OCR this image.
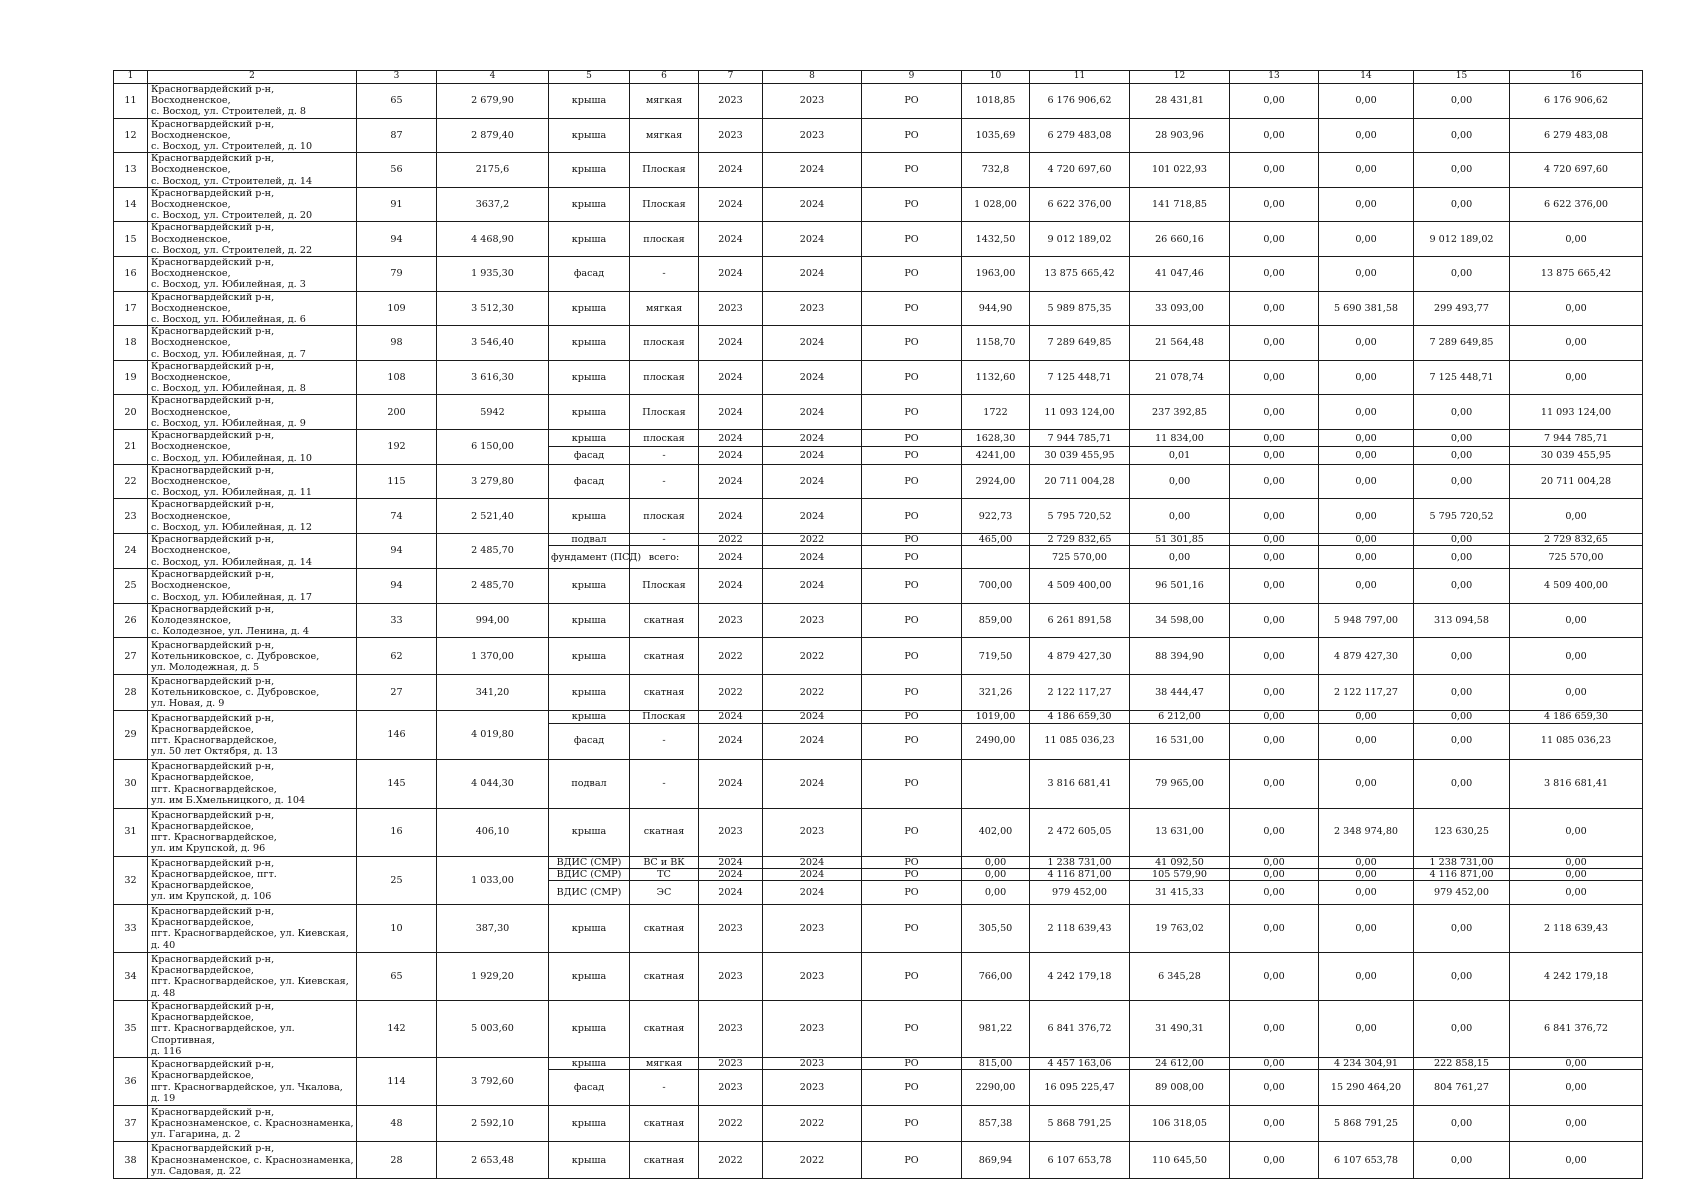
1	2	3	4	5	6	7	8	9	10	11	12	13	14	15	16
11	Красногвардейский р-н, Восходненское,
с. Восход, ул. Строителей, д. 8	65	2 679,90	крыша	мягкая	2023	2023	РО	1018,85	6 176 906,62	28 431,81	0,00	0,00	0,00	6 176 906,62
12	Красногвардейский р-н, Восходненское,
с. Восход, ул. Строителей, д. 10	87	2 879,40	крыша	мягкая	2023	2023	РО	1035,69	6 279 483,08	28 903,96	0,00	0,00	0,00	6 279 483,08
13	Красногвардейский р-н, Восходненское,
с. Восход, ул. Строителей, д. 14	56	2175,6	крыша	Плоская	2024	2024	РО	732,8	4 720 697,60	101 022,93	0,00	0,00	0,00	4 720 697,60
14	Красногвардейский р-н, Восходненское,
с. Восход, ул. Строителей, д. 20	91	3637,2	крыша	Плоская	2024	2024	РО	1 028,00	6 622 376,00	141 718,85	0,00	0,00	0,00	6 622 376,00
15	Красногвардейский р-н, Восходненское,
с. Восход, ул. Строителей, д. 22	94	4 468,90	крыша	плоская	2024	2024	РО	1432,50	9 012 189,02	26 660,16	0,00	0,00	9 012 189,02	0,00
16	Красногвардейский р-н, Восходненское,
с. Восход, ул. Юбилейная, д. 3	79	1 935,30	фасад	-	2024	2024	РО	1963,00	13 875 665,42	41 047,46	0,00	0,00	0,00	13 875 665,42
17	Красногвардейский р-н, Восходненское,
с. Восход, ул. Юбилейная, д. 6	109	3 512,30	крыша	мягкая	2023	2023	РО	944,90	5 989 875,35	33 093,00	0,00	5 690 381,58	299 493,77	0,00
18	Красногвардейский р-н, Восходненское,
с. Восход, ул. Юбилейная, д. 7	98	3 546,40	крыша	плоская	2024	2024	РО	1158,70	7 289 649,85	21 564,48	0,00	0,00	7 289 649,85	0,00
19	Красногвардейский р-н, Восходненское,
с. Восход, ул. Юбилейная, д. 8	108	3 616,30	крыша	плоская	2024	2024	РО	1132,60	7 125 448,71	21 078,74	0,00	0,00	7 125 448,71	0,00
20	Красногвардейский р-н, Восходненское,
с. Восход, ул. Юбилейная, д. 9	200	5942	крыша	Плоская	2024	2024	РО	1722	11 093 124,00	237 392,85	0,00	0,00	0,00	11 093 124,00
21	Красногвардейский р-н, Восходненское,
с. Восход, ул. Юбилейная, д. 10	192	6 150,00	крыша	плоская	2024	2024	РО	1628,30	7 944 785,71	11 834,00	0,00	0,00	0,00	7 944 785,71
				фасад	-	2024	2024	РО	4241,00	30 039 455,95	0,01	0,00	0,00	0,00	30 039 455,95
22	Красногвардейский р-н, Восходненское,
с. Восход, ул. Юбилейная, д. 11	115	3 279,80	фасад	-	2024	2024	РО	2924,00	20 711 004,28	0,00	0,00	0,00	0,00	20 711 004,28
23	Красногвардейский р-н, Восходненское,
с. Восход, ул. Юбилейная, д. 12	74	2 521,40	крыша	плоская	2024	2024	РО	922,73	5 795 720,52	0,00	0,00	0,00	5 795 720,52	0,00
24	Красногвардейский р-н, Восходненское,
с. Восход, ул. Юбилейная, д. 14	94	2 485,70	подвал	-	2022	2022	РО	465,00	2 729 832,65	51 301,85	0,00	0,00	0,00	2 729 832,65
				фундамент (ПСД)	всего:	2024	2024	РО		725 570,00	0,00	0,00	0,00	0,00	725 570,00
25	Красногвардейский р-н, Восходненское,
с. Восход, ул. Юбилейная, д. 17	94	2 485,70	крыша	Плоская	2024	2024	РО	700,00	4 509 400,00	96 501,16	0,00	0,00	0,00	4 509 400,00
26	Красногвардейский р-н, Колодезянское,
с. Колодезное, ул. Ленина, д. 4	33	994,00	крыша	скатная	2023	2023	РО	859,00	6 261 891,58	34 598,00	0,00	5 948 797,00	313 094,58	0,00
27	Красногвардейский р-н,
Котельниковское, с. Дубровское,
ул. Молодежная, д. 5	62	1 370,00	крыша	скатная	2022	2022	РО	719,50	4 879 427,30	88 394,90	0,00	4 879 427,30	0,00	0,00
28	Красногвардейский р-н,
Котельниковское, с. Дубровское,
ул. Новая, д. 9	27	341,20	крыша	скатная	2022	2022	РО	321,26	2 122 117,27	38 444,47	0,00	2 122 117,27	0,00	0,00
29	Красногвардейский р-н,
Красногвардейское,
пгт. Красногвардейское,
ул. 50 лет Октября, д. 13	146	4 019,80	крыша	Плоская	2024	2024	РО	1019,00	4 186 659,30	6 212,00	0,00	0,00	0,00	4 186 659,30
				фасад	-	2024	2024	РО	2490,00	11 085 036,23	16 531,00	0,00	0,00	0,00	11 085 036,23
30	Красногвардейский р-н,
Красногвардейское,
пгт. Красногвардейское,
ул. им Б.Хмельницкого, д. 104	145	4 044,30	подвал	-	2024	2024	РО		3 816 681,41	79 965,00	0,00	0,00	0,00	3 816 681,41
31	Красногвардейский р-н,
Красногвардейское,
пгт. Красногвардейское,
ул. им Крупской, д. 96	16	406,10	крыша	скатная	2023	2023	РО	402,00	2 472 605,05	13 631,00	0,00	2 348 974,80	123 630,25	0,00
32	Красногвардейский р-н,
Красногвардейское, пгт.
Красногвардейское,
ул. им Крупской, д. 106	25	1 033,00	ВДИС (СМР)	ВС и ВК	2024	2024	РО	0,00	1 238 731,00	41 092,50	0,00	0,00	1 238 731,00	0,00
				ВДИС (СМР)	ТС	2024	2024	РО	0,00	4 116 871,00	105 579,90	0,00	0,00	4 116 871,00	0,00
				ВДИС (СМР)	ЭС	2024	2024	РО	0,00	979 452,00	31 415,33	0,00	0,00	979 452,00	0,00
33	Красногвардейский р-н,
Красногвардейское,
пгт. Красногвардейское, ул. Киевская,
д. 40	10	387,30	крыша	скатная	2023	2023	РО	305,50	2 118 639,43	19 763,02	0,00	0,00	0,00	2 118 639,43
34	Красногвардейский р-н,
Красногвардейское,
пгт. Красногвардейское, ул. Киевская,
д. 48	65	1 929,20	крыша	скатная	2023	2023	РО	766,00	4 242 179,18	6 345,28	0,00	0,00	0,00	4 242 179,18
35	Красногвардейский р-н,
Красногвардейское,
пгт. Красногвардейское, ул. Спортивная,
д. 116	142	5 003,60	крыша	скатная	2023	2023	РО	981,22	6 841 376,72	31 490,31	0,00	0,00	0,00	6 841 376,72
36	Красногвардейский р-н,
Красногвардейское,
пгт. Красногвардейское, ул. Чкалова,
д. 19	114	3 792,60	крыша	мягкая	2023	2023	РО	815,00	4 457 163,06	24 612,00	0,00	4 234 304,91	222 858,15	0,00
				фасад	-	2023	2023	РО	2290,00	16 095 225,47	89 008,00	0,00	15 290 464,20	804 761,27	0,00
37	Красногвардейский р-н,
Краснознаменское, с. Краснознаменка,
ул. Гагарина, д. 2	48	2 592,10	крыша	скатная	2022	2022	РО	857,38	5 868 791,25	106 318,05	0,00	5 868 791,25	0,00	0,00
38	Красногвардейский р-н,
Краснознаменское, с. Краснознаменка,
ул. Садовая, д. 22	28	2 653,48	крыша	скатная	2022	2022	РО	869,94	6 107 653,78	110 645,50	0,00	6 107 653,78	0,00	0,00
